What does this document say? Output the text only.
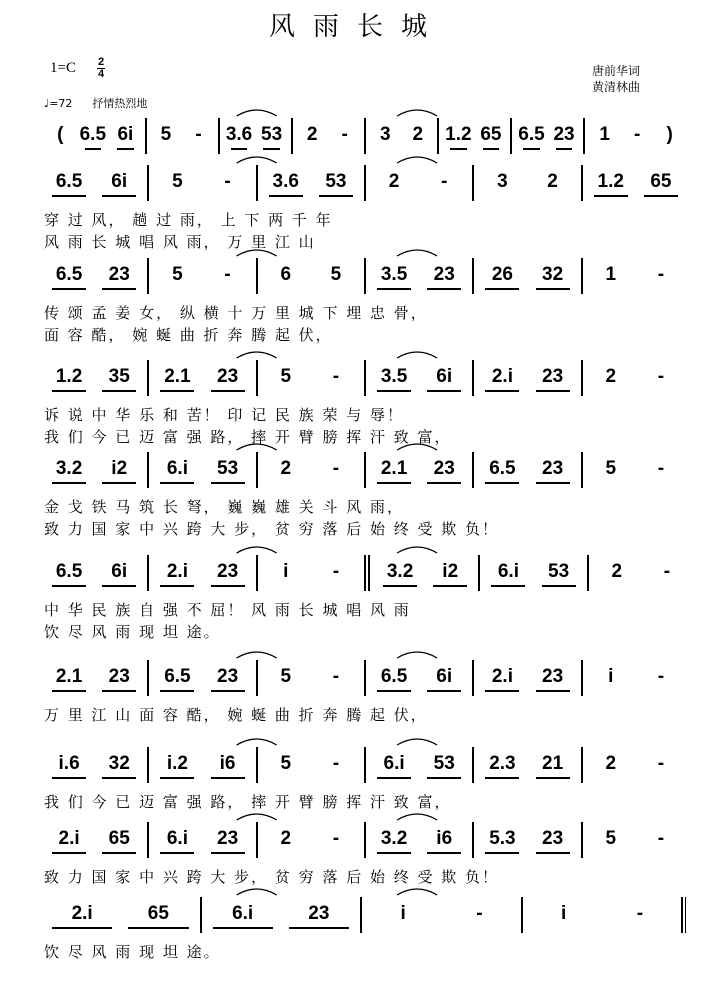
风雨长城
1=C 2
4	唐前华词
黄清林曲
♩=72 抒情热烈地
( 6.5 6i	5	-	3.6 53	2	-	3	2	1.2 65 6.5 23	1	-	)
6.5	6i	5	-	3.6	53	2	-	3	2	1.2	65
穿 过 风， 趟 过 雨， 上 下 两 千 年
风 雨 长 城 唱 风 雨， 万 里 江 山
6.5	23	5	-	6	5	3.5	23	26	32	1	-
传 颂 孟 姜 女， 纵 横 十 万 里 城 下 埋 忠 骨，
面 容 酷， 婉 蜒 曲 折 奔 腾 起 伏，
1.2	35	2.1	23	5	-	3.5	6i	2.i	23	2	-
诉 说 中 华 乐 和 苦！ 印 记 民 族 荣 与 辱！
我 们 今 已 迈 富 强 路， 摔 开 臂 膀 挥 汗 致 富，
3.2	i2	6.i	53	2	-	2.1	23	6.5	23	5	-
金 戈 铁 马 筑 长 弩， 巍 巍 雄 关 斗 风 雨，
致 力 国 家 中 兴 跨 大 步， 贫 穷 落 后 始 终 受 欺 负！
6.5	6i	2.i	23	i	-	3.2	i2	6.i	53	2	-
中 华 民 族 自 强 不 屈！ 风 雨 长 城 唱 风 雨
饮 尽 风 雨 现 坦 途。
2.1	23	6.5	23	5	-	6.5	6i	2.i	23	i	-
万 里 江 山 面 容 酷， 婉 蜒 曲 折 奔 腾 起 伏，
i.6	32	i.2	i6	5	-	6.i	53	2.3	21	2	-
我 们 今 已 迈 富 强 路， 摔 开 臂 膀 挥 汗 致 富，
2.i	65	6.i	23	2	-	3.2	i6	5.3	23	5	-
致 力 国 家 中 兴 跨 大 步， 贫 穷 落 后 始 终 受 欺 负！
2.i	65	6.i	23	i	-	i	-
饮 尽 风 雨 现 坦 途。
